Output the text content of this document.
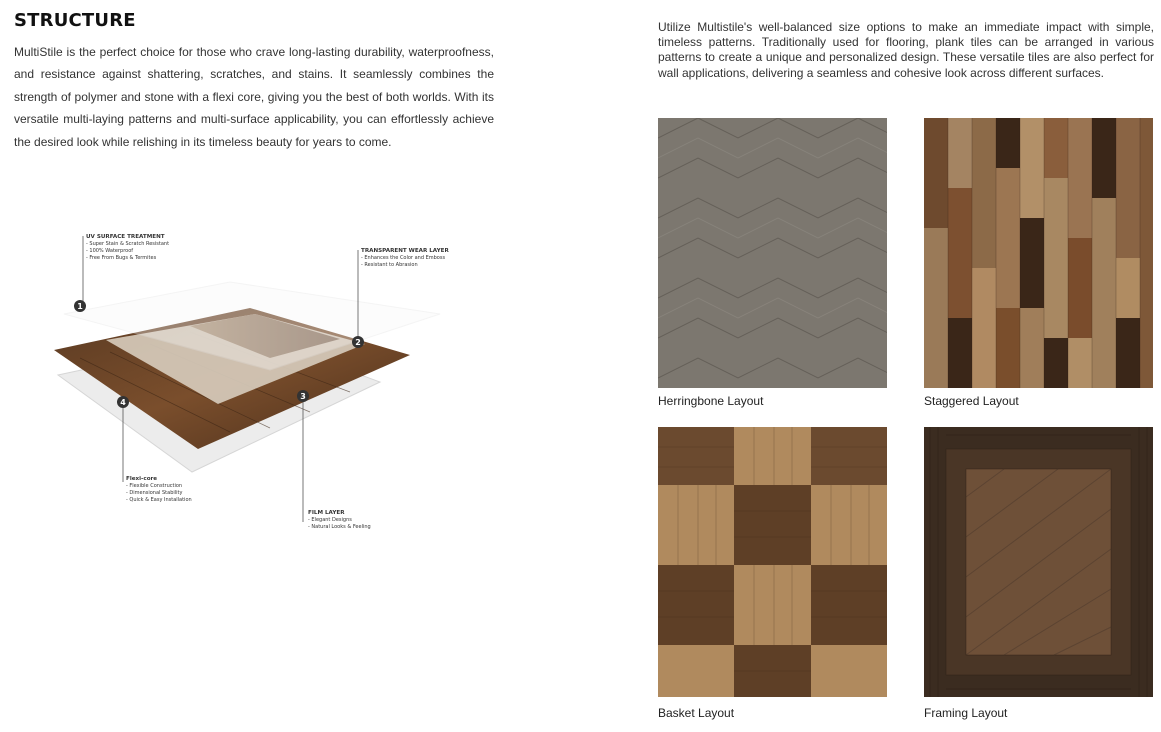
STRUCTURE

MultiStile is the perfect choice for those who crave long-lasting durability, waterproofness, and resistance against shattering, scratches, and stains. It seamlessly combines the strength of polymer and stone with a flexi core, giving you the best of both worlds. With its versatile multi-laying patterns and multi-surface applicability, you can effortlessly achieve the desired look while relishing in its timeless beauty for years to come.

1
2
3
4
UV SURFACE TREATMENT
- Super Stain & Scratch Resistant
- 100% Waterproof
- Free From Bugs & Termites
TRANSPARENT WEAR LAYER
- Enhances the Color and Emboss
- Resistant to Abrasion
FILM LAYER
- Elegant Designs
- Natural Looks & Feeling
Flexi-core
- Flexible Construction
- Dimensional Stability
- Quick & Easy Installation

Utilize Multistile's well-balanced size options to make an immediate impact with simple, timeless patterns. Traditionally used for flooring, plank tiles can be arranged in various patterns to create a unique and personalized design. These versatile tiles are also perfect for wall applications, delivering a seamless and cohesive look across different surfaces.

Herringbone Layout	Staggered Layout
Basket Layout	Framing Layout
